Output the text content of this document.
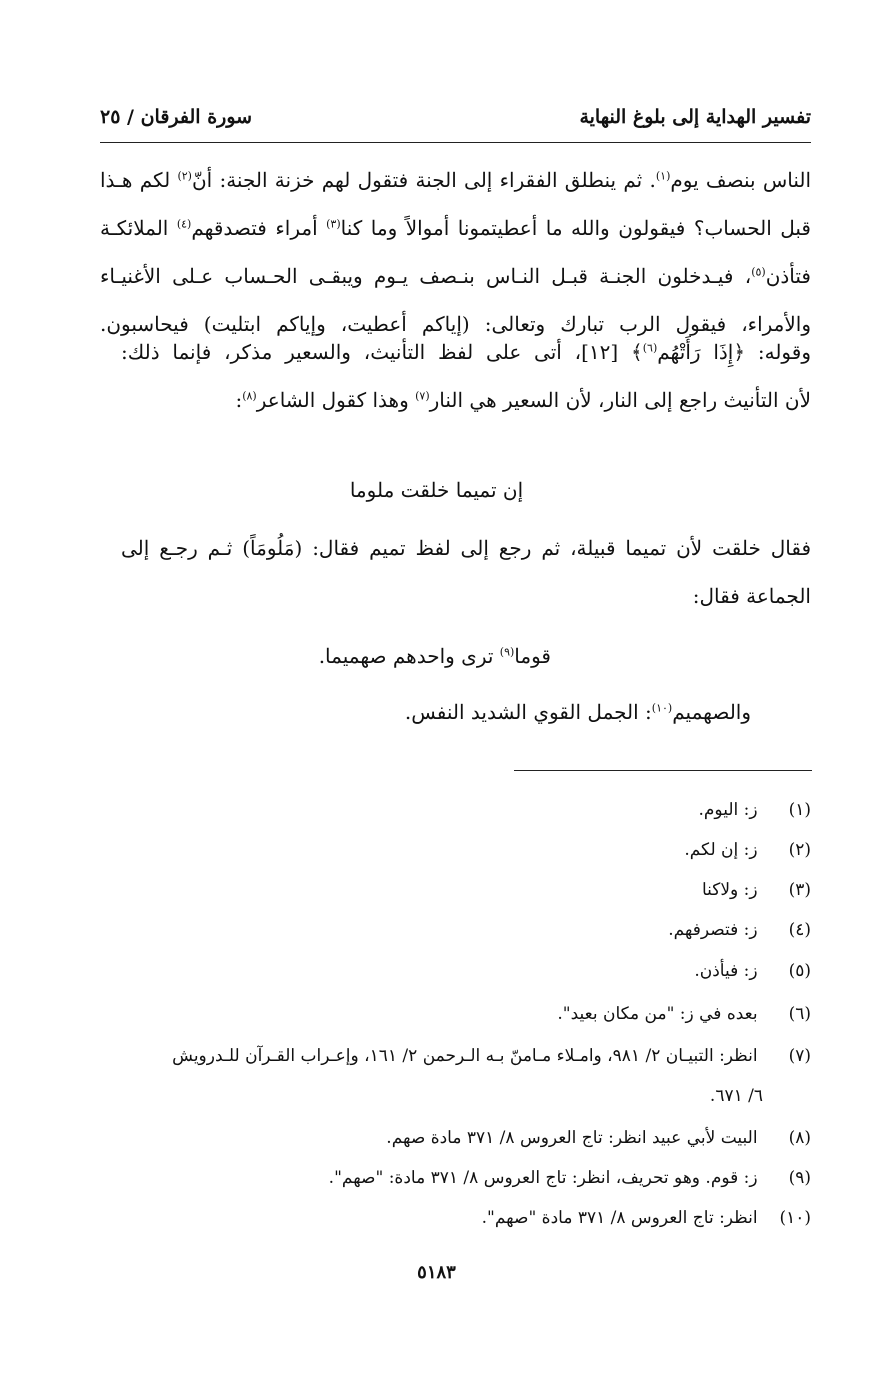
تفسير الهداية إلى بلوغ النهاية
سورة الفرقان / ٢٥
الناس بنصف يوم$^{(١)}$. ثم ينطلق الفقراء إلى الجنة فتقول لهم خزنة الجنة: أنّ$^{(٢)}$ لكم هـذا
قبل الحساب؟ فيقولون والله ما أعطيتمونا أموالاً وما كنا$^{(٣)}$ أمراء فتصدقهم$^{(٤)}$ الملائكـة
فتأذن$^{(٥)}$، فيـدخلون الجنـة قبـل النـاس بنـصف يـوم ويبقـى الحـساب عـلى الأغنيـاء
والأمراء، فيقول الرب تبارك وتعالى: (إياكم أعطيت، وإياكم ابتليت) فيحاسبون.
وقوله: ﴿إِذَا رَأَتْهُم$^{(٦)}$﴾ [١٢]، أتى على لفظ التأنيث، والسعير مذكر، فإنما ذلك:
لأن التأنيث راجع إلى النار، لأن السعير هي النار$^{(٧)}$ وهذا كقول الشاعر$^{(٨)}$:
إن تميما خلقت ملوما
فقال خلقت لأن تميما قبيلة، ثم رجع إلى لفظ تميم فقال: (مَلُومَاً) ثـم رجـع إلى
الجماعة فقال:
قوما$^{(٩)}$ ترى واحدهم صهميما.
والصهميم$^{(١٠)}$: الجمل القوي الشديد النفس.
(١) ز: اليوم.
(٢) ز: إن لكم.
(٣) ز: ولاكنا
(٤) ز: فتصرفهم.
(٥) ز: فيأذن.
(٦) بعده في ز: "من مكان بعيد".
(٧) انظر: التبيـان ٢/ ٩٨١، وامـلاء مـامنّ بـه الـرحمن ٢/ ١٦١، وإعـراب القـرآن للـدرويش
٦/ ٦٧١.
(٨) البيت لأبي عبيد انظر: تاج العروس ٨/ ٣٧١ مادة صهم.
(٩) ز: قوم. وهو تحريف، انظر: تاج العروس ٨/ ٣٧١ مادة: "صهم".
(١٠) انظر: تاج العروس ٨/ ٣٧١ مادة "صهم".
٥١٨٣
